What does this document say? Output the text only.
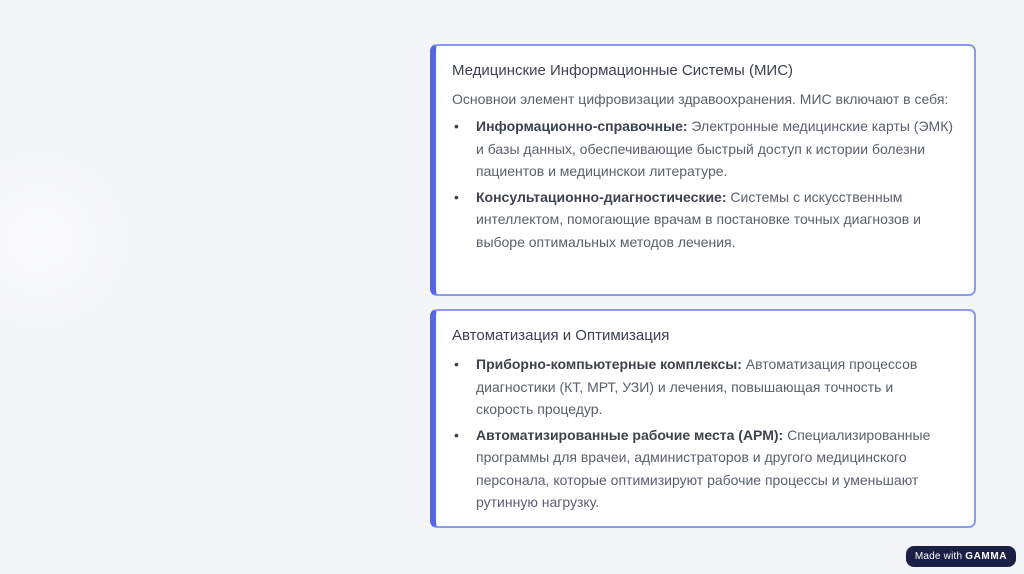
Медицинские Информационные Системы (МИС)

Основнои элемент цифровизации здравоохранения. МИС включают в себя:

• Информационно-справочные: Электронные медицинские карты (ЭМК) и базы данных, обеспечивающие быстрый доступ к истории болезни пациентов и медицинскои литературе.
• Консультационно-диагностические: Системы с искусственным интеллектом, помогающие врачам в постановке точных диагнозов и выборе оптимальных методов лечения.
Автоматизация и Оптимизация
• Приборно-компьютерные комплексы: Автоматизация процессов диагностики (КТ, МРТ, УЗИ) и лечения, повышающая точность и скорость процедур.
• Автоматизированные рабочие места (АРМ): Специализированные программы для врачеи, администраторов и другого медицинского персонала, которые оптимизируют рабочие процессы и уменьшают рутинную нагрузку.
Made with GAMMA
